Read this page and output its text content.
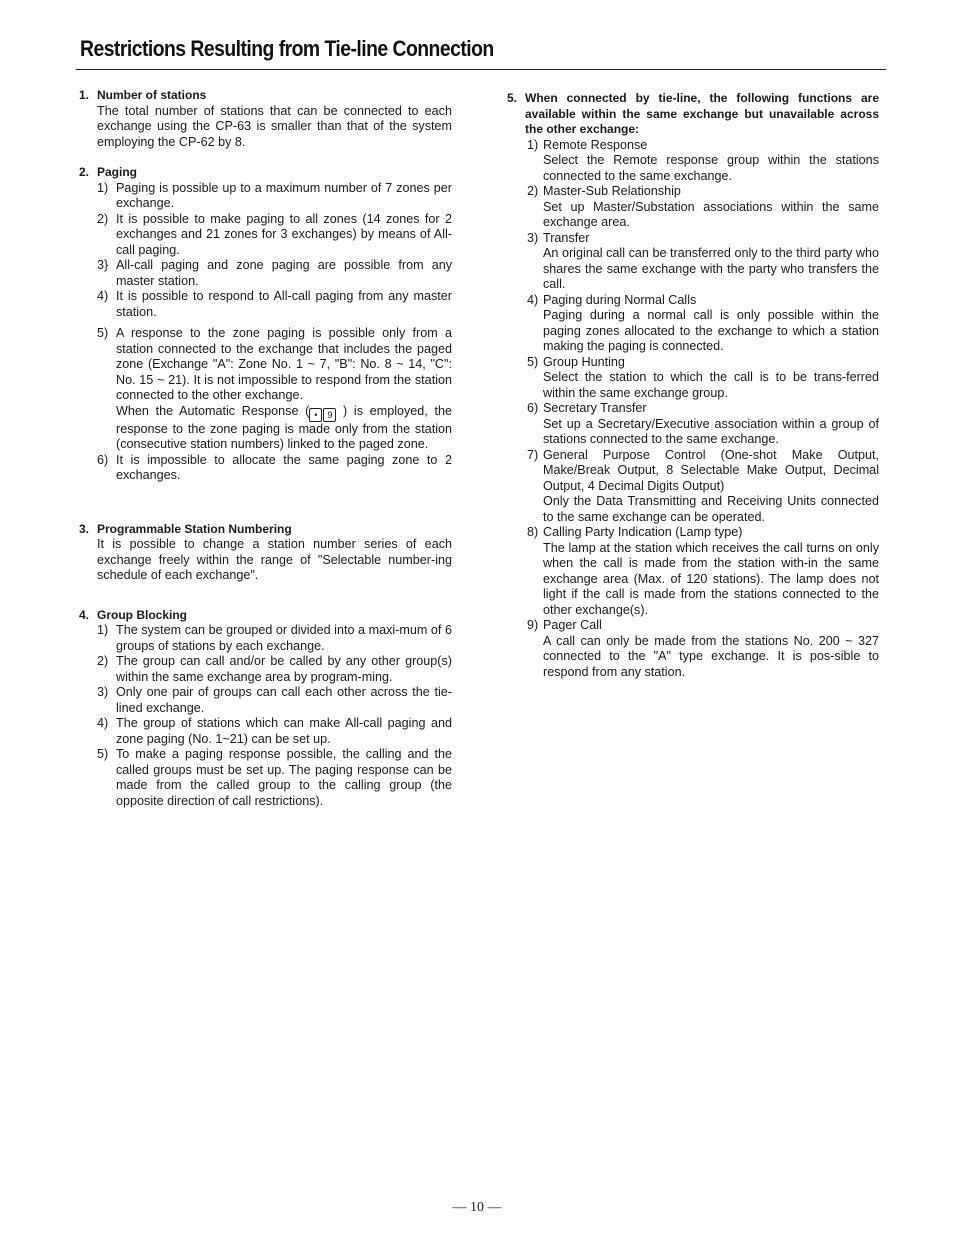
Restrictions Resulting from Tie-line Connection
1. Number of stations
The total number of stations that can be connected to each exchange using the CP-63 is smaller than that of the system employing the CP-62 by 8.
2. Paging
1) Paging is possible up to a maximum number of 7 zones per exchange.
2) It is possible to make paging to all zones (14 zones for 2 exchanges and 21 zones for 3 exchanges) by means of All-call paging.
3} All-call paging and zone paging are possible from any master station.
4) It is possible to respond to All-call paging from any master station.
5) A response to the zone paging is possible only from a station connected to the exchange that includes the paged zone (Exchange "A": Zone No. 1 ~ 7, "B": No. 8 ~ 14, "C": No. 15 ~ 21). It is not impossible to respond from the station connected to the other exchange.
When the Automatic Response ( •	9 ) is employed, the response to the zone paging is made only from the station (consecutive station numbers) linked to the paged zone.
6) It is impossible to allocate the same paging zone to 2 exchanges.
3. Programmable Station Numbering
It is possible to change a station number series of each exchange freely within the range of "Selectable number-ing schedule of each exchange".
4. Group Blocking
1) The system can be grouped or divided into a maxi-mum of 6 groups of stations by each exchange.
2) The group can call and/or be called by any other group(s) within the same exchange area by program-ming.
3) Only one pair of groups can call each other across the tie-lined exchange.
4) The group of stations which can make All-call paging and zone paging (No. 1~21) can be set up.
5) To make a paging response possible, the calling and the called groups must be set up. The paging response can be made from the called group to the calling group (the opposite direction of call restrictions).
5. When connected by tie-line, the following functions are available within the same exchange but unavailable across the other exchange:
1) Remote Response
Select the Remote response group within the stations connected to the same exchange.
2) Master-Sub Relationship
Set up Master/Substation associations within the same exchange area.
3) Transfer
An original call can be transferred only to the third party who shares the same exchange with the party who transfers the call.
4) Paging during Normal Calls
Paging during a normal call is only possible within the paging zones allocated to the exchange to which a station making the paging is connected.
5) Group Hunting
Select the station to which the call is to be trans-ferred within the same exchange group.
6) Secretary Transfer
Set up a Secretary/Executive association within a group of stations connected to the same exchange.
7) General Purpose Control (One-shot Make Output, Make/Break Output, 8 Selectable Make Output, Decimal Output, 4 Decimal Digits Output)
Only the Data Transmitting and Receiving Units connected to the same exchange can be operated.
8) Calling Party Indication (Lamp type)
The lamp at the station which receives the call turns on only when the call is made from the station with-in the same exchange area (Max. of 120 stations). The lamp does not light if the call is made from the stations connected to the other exchange(s).
9) Pager Call
A call can only be made from the stations No. 200 ~ 327 connected to the "A" type exchange. It is pos-sible to respond from any station.
— 10 —
